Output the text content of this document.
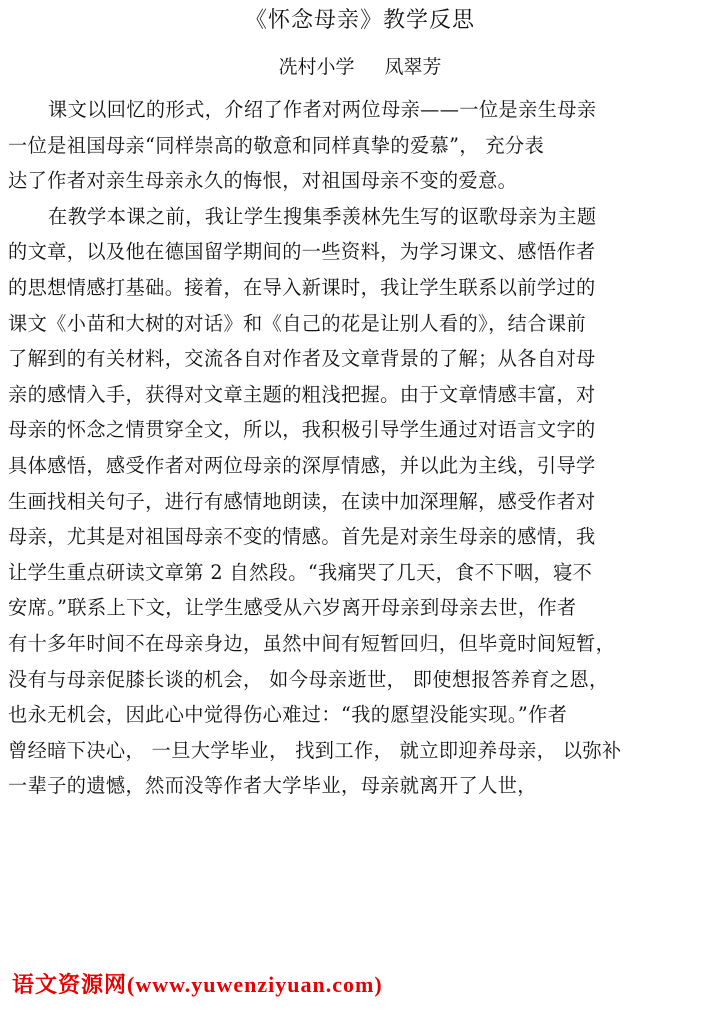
《怀念母亲》教学反思
冼村小学 凤翠芳
课文以回忆的形式，介绍了作者对两位母亲——一位是亲生母亲
一位是祖国母亲“同样崇高的敬意和同样真挚的爱慕”， 充分表
达了作者对亲生母亲永久的悔恨，对祖国母亲不变的爱意。
在教学本课之前，我让学生搜集季羡林先生写的讴歌母亲为主题
的文章，以及他在德国留学期间的一些资料，为学习课文、感悟作者
的思想情感打基础。接着，在导入新课时，我让学生联系以前学过的
课文《小苗和大树的对话》和《自己的花是让别人看的》，结合课前
了解到的有关材料，交流各自对作者及文章背景的了解；从各自对母
亲的感情入手，获得对文章主题的粗浅把握。由于文章情感丰富，对
母亲的怀念之情贯穿全文，所以，我积极引导学生通过对语言文字的
具体感悟，感受作者对两位母亲的深厚情感，并以此为主线，引导学
生画找相关句子，进行有感情地朗读，在读中加深理解，感受作者对
母亲，尤其是对祖国母亲不变的情感。首先是对亲生母亲的感情，我
让学生重点研读文章第 2 自然段。“我痛哭了几天，食不下咽，寝不
安席。”联系上下文，让学生感受从六岁离开母亲到母亲去世，作者
有十多年时间不在母亲身边，虽然中间有短暂回归，但毕竟时间短暂，
没有与母亲促膝长谈的机会， 如今母亲逝世， 即使想报答养育之恩，
也永无机会，因此心中觉得伤心难过：“我的愿望没能实现。”作者
曾经暗下决心， 一旦大学毕业， 找到工作， 就立即迎养母亲， 以弥补
一辈子的遗憾，然而没等作者大学毕业，母亲就离开了人世，
语文资源网(www.yuwenziyuan.com)
